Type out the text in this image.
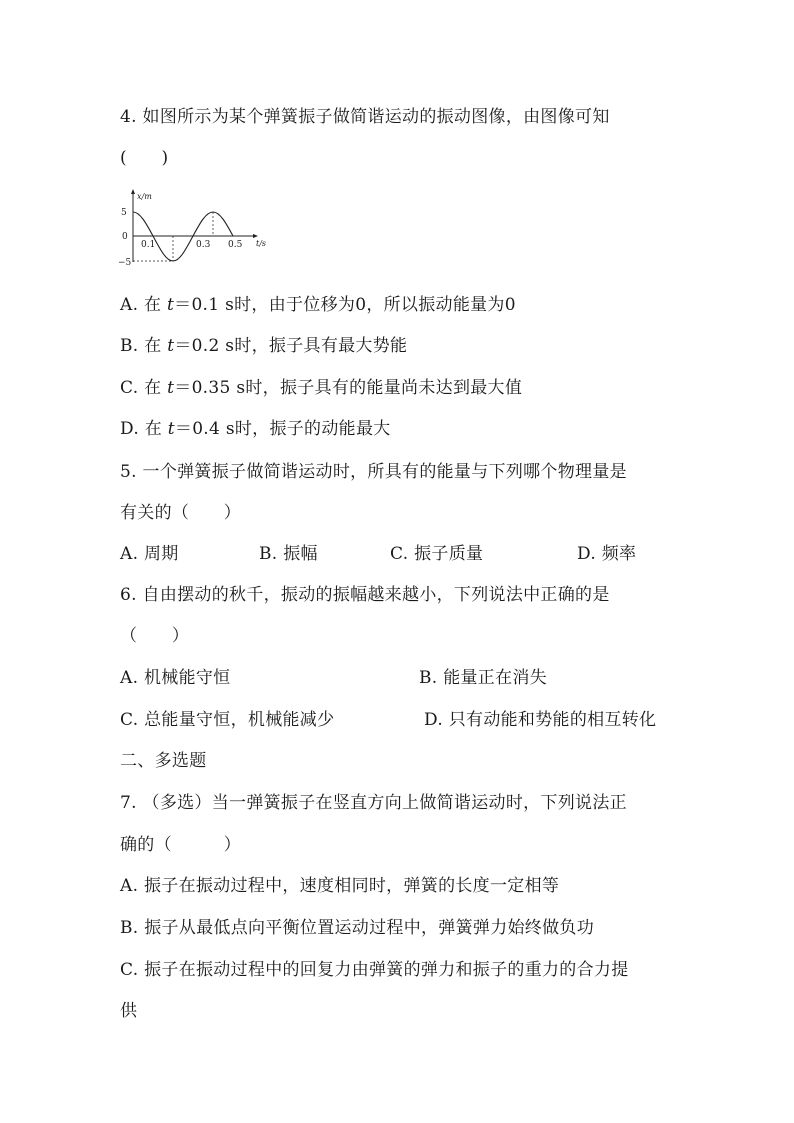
4. 如图所示为某个弹簧振子做简谐运动的振动图像，由图像可知
(　　)
x/m
5
0
−5
0.1	0.3 0.5 t/s
A. 在 t＝0.1 s时，由于位移为0，所以振动能量为0
B. 在 t＝0.2 s时，振子具有最大势能
C. 在 t＝0.35 s时，振子具有的能量尚未达到最大值
D. 在 t＝0.4 s时，振子的动能最大
5. 一个弹簧振子做简谐运动时，所具有的能量与下列哪个物理量是
有关的（　　）
A. 周期	B. 振幅	C. 振子质量	D. 频率
6. 自由摆动的秋千，振动的振幅越来越小，下列说法中正确的是
（　　）
A. 机械能守恒	B. 能量正在消失
C. 总能量守恒，机械能减少	D. 只有动能和势能的相互转化
二、多选题
7. （多选）当一弹簧振子在竖直方向上做简谐运动时，下列说法正
确的（　　　）
A. 振子在振动过程中，速度相同时，弹簧的长度一定相等
B. 振子从最低点向平衡位置运动过程中，弹簧弹力始终做负功
C. 振子在振动过程中的回复力由弹簧的弹力和振子的重力的合力提
供
